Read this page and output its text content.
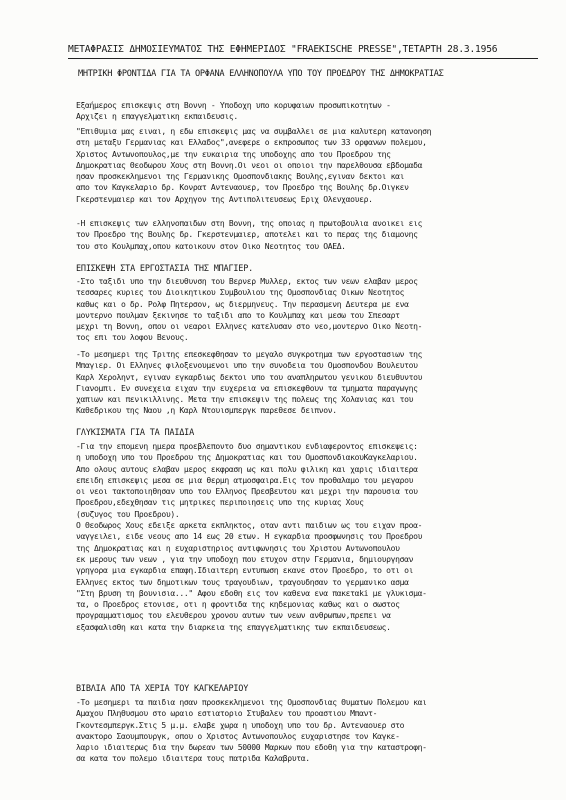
ΜΕΤΑΦΡΑΣΙΣ ΔΗΜΟΣΙΕΥΜΑΤΟΣ ΤΗΣ ΕΦΗΜΕΡΙΔΟΣ "FRAEKISCHE PRESSE",ΤΕΤΑΡΤΗ 28.3.1956
ΜΗΤΡΙΚΗ ΦΡΟΝΤΙΔΑ ΓΙΑ ΤΑ ΟΡΦΑΝΑ ΕΛΛΗΝΟΠΟΥΛΑ ΥΠΟ ΤΟΥ ΠΡΟΕΔΡΟΥ ΤΗΣ ΔΗΜΟΚΡΑΤΙΑΣ
Εξαήμερος επισκεψις στη Βοννη - Υποδοχη υπο κορυφαιων προσωπικοτητων -
Αρχιζει η επαγγελματικη εκπαιδευσις.
"Επιθυμια μας ειναι, η εδω επισκεψις μας να συμβαλλει σε μια καλυτερη κατανοηση
στη μεταξυ Γερμανιας και Ελλαδος",ανεφερε ο εκπροσωπος των 33 ορφανων πολεμου,
Χριστος Αντωνοπουλος,με την ευκαιρια της υποδοχης απο του Προεδρου της
Δημοκρατιας Θεοδωρου Χους στη Βοννη.Οι νεοι οι οποιοι την παρελθουσα εβδομαδα
ησαν προσκεκλημενοι της Γερμανικης Ομοσπονδιακης Βουλης,εγιναν δεκτοι και
απο τον Καγκελαριο δρ. Κονρατ Αντεναουερ, τον Προεδρο της Βουλης δρ.Οιγκεν
Γκερστενμαιερ και τον Αρχηγον της Αντιπολιτευσεως Εριχ Ολενχαουερ.
-Η επισκεψις των ελληνοπαιδων στη Βοννη, της οποιας η πρωτοβουλια ανοικει εις
τον Προεδρο της Βουλης δρ. Γκερστενμαιερ, αποτελει και το περας της διαμονης
του στο Κουλμπαχ,οπου κατοικουν στον Οικο Νεοτητος του ΟΑΕΔ.
ΕΠΙΣΚΕΨΗ ΣΤΑ ΕΡΓΟΣΤΑΣΙΑ ΤΗΣ ΜΠΑΓΙΕΡ.
-Στο ταξιδι υπο την διευθυνση του Βερνερ Μυλλερ, εκτος των νεων ελαβαν μερος
τεσσαρες κυριες του Διοικητικου Συμβουλιου της Ομοσπονδιας Οικων Νεοτητος
καθως και ο δρ. Ρολφ Πητερσον, ως διερμηνευς. Την περασμενη Δευτερα με ενα
μοντερνο πουλμαν ξεκινησε το ταξιδι απο το Κουλμπαχ και μεσω του Σπεσαρτ
μεχρι τη Βοννη, οπου οι νεαροι Ελληνες κατελυσαν στο νεο,μοντερνο Οικο Νεοτη-
τος επι του λοφου Βενους.
-Το μεσημερι της Τριτης επεσκεφθησαν το μεγαλο συγκροτημα των εργοστασιων της
Μπαγιερ. Οι Ελληνες φιλοξενουμενοι υπο την συνοδεια του Ομοσπονδου Βουλευτου
Καρλ Χεροληντ, εγιναν εγκαρδιως δεκτοι υπο του αναπληρωτου γενικου διευθυντου
Γιανομπι. Εν συνεχεια ειχαν την ευχερεια να επισκεφθουν τα τμηματα παραγωγης
χαπιων και πενικιλλινης. Μετα την επισκεψιν της πολεως της Χολανιας και του
Καθεδρικου της Ναου ,η Καρλ Ντουισμπεργκ παρεθεσε δειπνον.
ΓΛΥΚΙΣΜΑΤΑ ΓΙΑ ΤΑ ΠΑΙΔΙΑ
-Για την επομενη ημερα προεβλεποντο δυο σημαντικου ενδιαφεροντος επισκεψεις:
η υποδοχη υπο του Προεδρου της Δημοκρατιας και του ΟμοσπονδιακουΚαγκελαριου.
Απο ολους αυτους ελαβαν μερος εκφραση ως και πολυ φιλικη και χαρις ιδιαιτερα
επειδη επισκεψις μεσα σε μια θερμη ατμοσφαιρα.Εις τον προθαλαμο του μεγαρου
οι νεοι τακτοποιηθησαν υπο του Ελληνος Πρεσβευτου και μεχρι την παρουσια του
Προεδρου,εδεχθησαν τις μητρικες περιποιησεις υπο της κυριας Χους
(συζυγος του Προεδρου).
Ο Θεοδωρος Χους εδειξε αρκετα εκπληκτος, οταν αντι παιδιων ως του ειχαν προα-
ναγγειλει, ειδε νεους απο 14 εως 20 ετων. Η εγκαρδια προσφωνησις του Προεδρου
της Δημοκρατιας και η ευχαριστηριος αντιφωνησις του Χριστου Αντωνοπουλου
εκ μερους των νεων , για την υποδοχη που ετυχον στην Γερμανια, δημιουργησαν
γρηγορα μια εγκαρδια επαφη.Ιδιαιτερη εντυπωση εκανε στον Προεδρο, το οτι οι
Ελληνες εκτος των δημοτικων τους τραγουδιων, τραγουδησαν το γερμανικο ασμα
"Στη βρυση τη βουνισια..." Αφου εδοθη εις τον καθενα ενα πακεταki με γλυκισμα-
τα, ο Προεδρος ετονισε, οτι η φροντιδα της κηδεμονιας καθως και ο σωστος
προγραμματισμος του ελευθερου χρονου αυτων των νεων ανθρωπων,πρεπει να
εξασφαλισθη και κατα την διαρκεια της επαγγελματικης των εκπαιδευσεως.
ΒΙΒΛΙΑ ΑΠΟ ΤΑ ΧΕΡΙΑ ΤΟΥ ΚΑΓΚΕΛΑΡΙΟΥ
-Το μεσημερι τα παιδια ησαν προσκεκλημενοι της Ομοσπονδιας Θυματων Πολεμου και
Αμαχου Πληθυσμου στο ωραιο εστιατοριο Στυβαλεν του προαστιου Μπαντ-
Γκοντεσμπεργκ.Στις 5 μ.μ. ελαβε χωρα η υποδοχη υπο του δρ. Αντεναουερ στο
ανακτορο Σαουμπουργκ, οπου ο Χριστος Αντωνοπουλος ευχαριστησε τον Καγκε-
λαριο ιδιαιτερως δια την δωρεαν των 50000 Μαρκων που εδοθη για την καταστροφη-
σα κατα τον πολεμο ιδιαιτερα τους πατριδα Καλαβρυτα.
